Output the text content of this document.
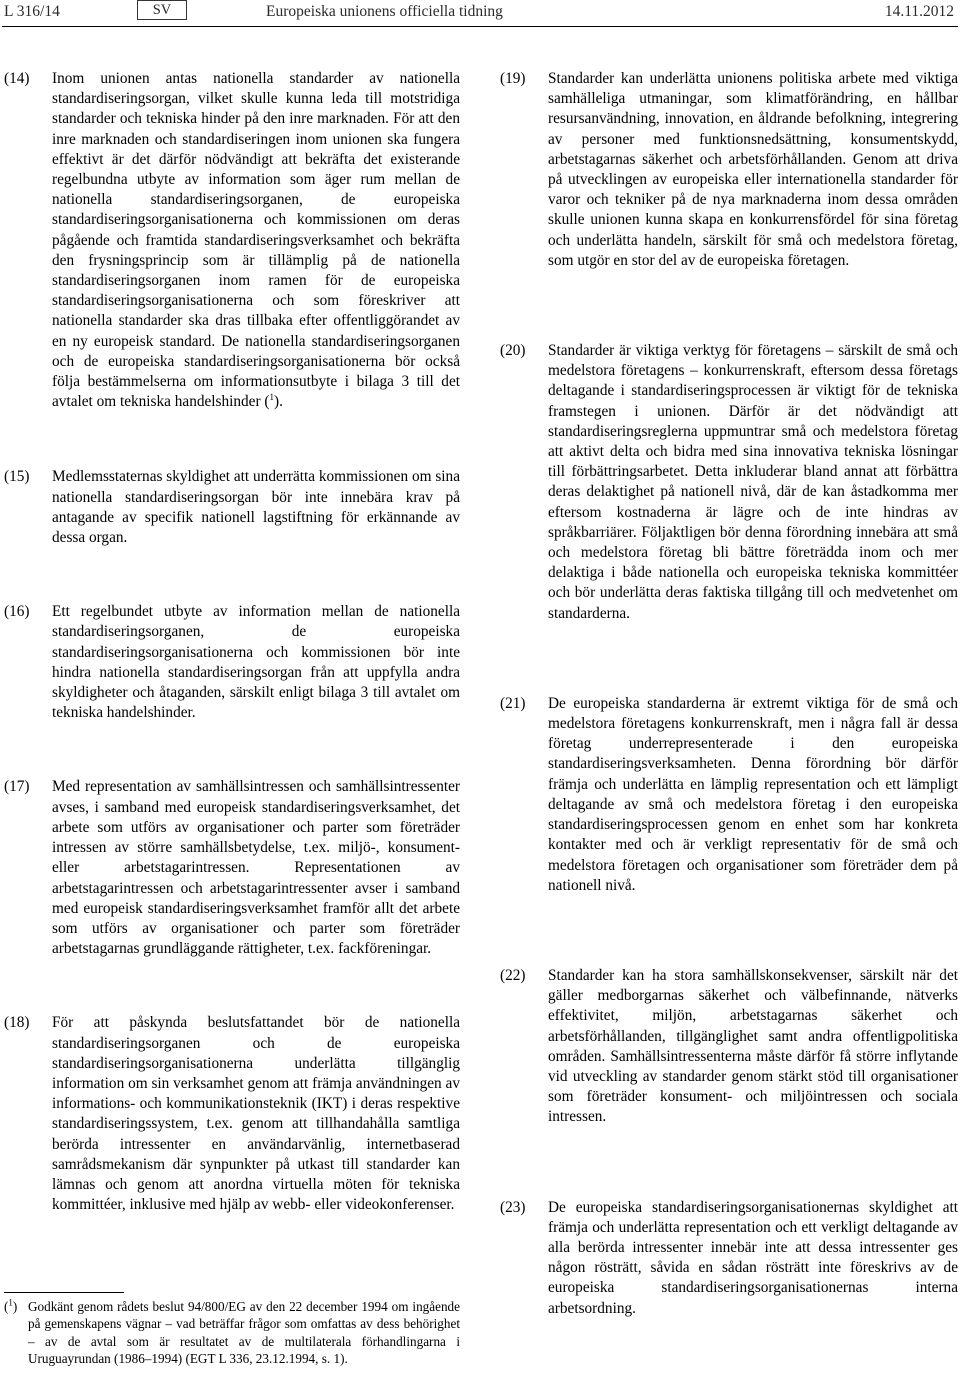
L 316/14	SV	Europeiska unionens officiella tidning	14.11.2012
(14)	Inom unionen antas nationella standarder av nationella standardiseringsorgan, vilket skulle kunna leda till motstridiga standarder och tekniska hinder på den inre marknaden. För att den inre marknaden och standardiseringen inom unionen ska fungera effektivt är det därför nödvändigt att bekräfta det existerande regelbundna utbyte av information som äger rum mellan de nationella standardiseringsorganen, de europeiska standardiseringsorganisationerna och kommissionen om deras pågående och framtida standardiseringsverksamhet och bekräfta den frysningsprincip som är tillämplig på de nationella standardiseringsorganen inom ramen för de europeiska standardiseringsorganisationerna och som föreskriver att nationella standarder ska dras tillbaka efter offentliggörandet av en ny europeisk standard. De nationella standardiseringsorganen och de europeiska standardiseringsorganisationerna bör också följa bestämmelserna om informationsutbyte i bilaga 3 till det avtalet om tekniska handelshinder ($^1$).
(15)	Medlemsstaternas skyldighet att underrätta kommissionen om sina nationella standardiseringsorgan bör inte innebära krav på antagande av specifik nationell lagstiftning för erkännande av dessa organ.
(16)	Ett regelbundet utbyte av information mellan de nationella standardiseringsorganen, de europeiska standardiseringsorganisationerna och kommissionen bör inte hindra nationella standardiseringsorgan från att uppfylla andra skyldigheter och åtaganden, särskilt enligt bilaga 3 till avtalet om tekniska handelshinder.
(17)	Med representation av samhällsintressen och samhällsintressenter avses, i samband med europeisk standardiseringsverksamhet, det arbete som utförs av organisationer och parter som företräder intressen av större samhällsbetydelse, t.ex. miljö-, konsument- eller arbetstagarintressen. Representationen av arbetstagarintressen och arbetstagarintressenter avser i samband med europeisk standardiseringsverksamhet framför allt det arbete som utförs av organisationer och parter som företräder arbetstagarnas grundläggande rättigheter, t.ex. fackföreningar.
(18)	För att påskynda beslutsfattandet bör de nationella standardiseringsorganen och de europeiska standardiseringsorganisationerna underlätta tillgänglig information om sin verksamhet genom att främja användningen av informations- och kommunikationsteknik (IKT) i deras respektive standardiseringssystem, t.ex. genom att tillhandahålla samtliga berörda intressenter en användarvänlig, internetbaserad samrådsmekanism där synpunkter på utkast till standarder kan lämnas och genom att anordna virtuella möten för tekniska kommittéer, inklusive med hjälp av webb- eller videokonferenser.
(19)	Standarder kan underlätta unionens politiska arbete med viktiga samhälleliga utmaningar, som klimatförändring, en hållbar resursanvändning, innovation, en åldrande befolkning, integrering av personer med funktionsnedsättning, konsumentskydd, arbetstagarnas säkerhet och arbetsförhållanden. Genom att driva på utvecklingen av europeiska eller internationella standarder för varor och tekniker på de nya marknaderna inom dessa områden skulle unionen kunna skapa en konkurrensfördel för sina företag och underlätta handeln, särskilt för små och medelstora företag, som utgör en stor del av de europeiska företagen.
(20)	Standarder är viktiga verktyg för företagens – särskilt de små och medelstora företagens – konkurrenskraft, eftersom dessa företags deltagande i standardiseringsprocessen är viktigt för de tekniska framstegen i unionen. Därför är det nödvändigt att standardiseringsreglerna uppmuntrar små och medelstora företag att aktivt delta och bidra med sina innovativa tekniska lösningar till förbättringsarbetet. Detta inkluderar bland annat att förbättra deras delaktighet på nationell nivå, där de kan åstadkomma mer eftersom kostnaderna är lägre och de inte hindras av språkbarriärer. Följaktligen bör denna förordning innebära att små och medelstora företag bli bättre företrädda inom och mer delaktiga i både nationella och europeiska tekniska kommittéer och bör underlätta deras faktiska tillgång till och medvetenhet om standarderna.
(21)	De europeiska standarderna är extremt viktiga för de små och medelstora företagens konkurrenskraft, men i några fall är dessa företag underrepresenterade i den europeiska standardiseringsverksamheten. Denna förordning bör därför främja och underlätta en lämplig representation och ett lämpligt deltagande av små och medelstora företag i den europeiska standardiseringsprocessen genom en enhet som har konkreta kontakter med och är verkligt representativ för de små och medelstora företagen och organisationer som företräder dem på nationell nivå.
(22)	Standarder kan ha stora samhällskonsekvenser, särskilt när det gäller medborgarnas säkerhet och välbefinnande, nätverks effektivitet, miljön, arbetstagarnas säkerhet och arbetsförhållanden, tillgänglighet samt andra offentligpolitiska områden. Samhällsintressenterna måste därför få större inflytande vid utveckling av standarder genom stärkt stöd till organisationer som företräder konsument- och miljöintressen och sociala intressen.
(23)	De europeiska standardiseringsorganisationernas skyldighet att främja och underlätta representation och ett verkligt deltagande av alla berörda intressenter innebär inte att dessa intressenter ges någon rösträtt, såvida en sådan rösträtt inte föreskrivs av de europeiska standardiseringsorganisationernas interna arbetsordning.
($^1$) Godkänt genom rådets beslut 94/800/EG av den 22 december 1994 om ingående på gemenskapens vägnar – vad beträffar frågor som omfattas av dess behörighet – av de avtal som är resultatet av de multilaterala förhandlingarna i Uruguayrundan (1986–1994) (EGT L 336, 23.12.1994, s. 1).
